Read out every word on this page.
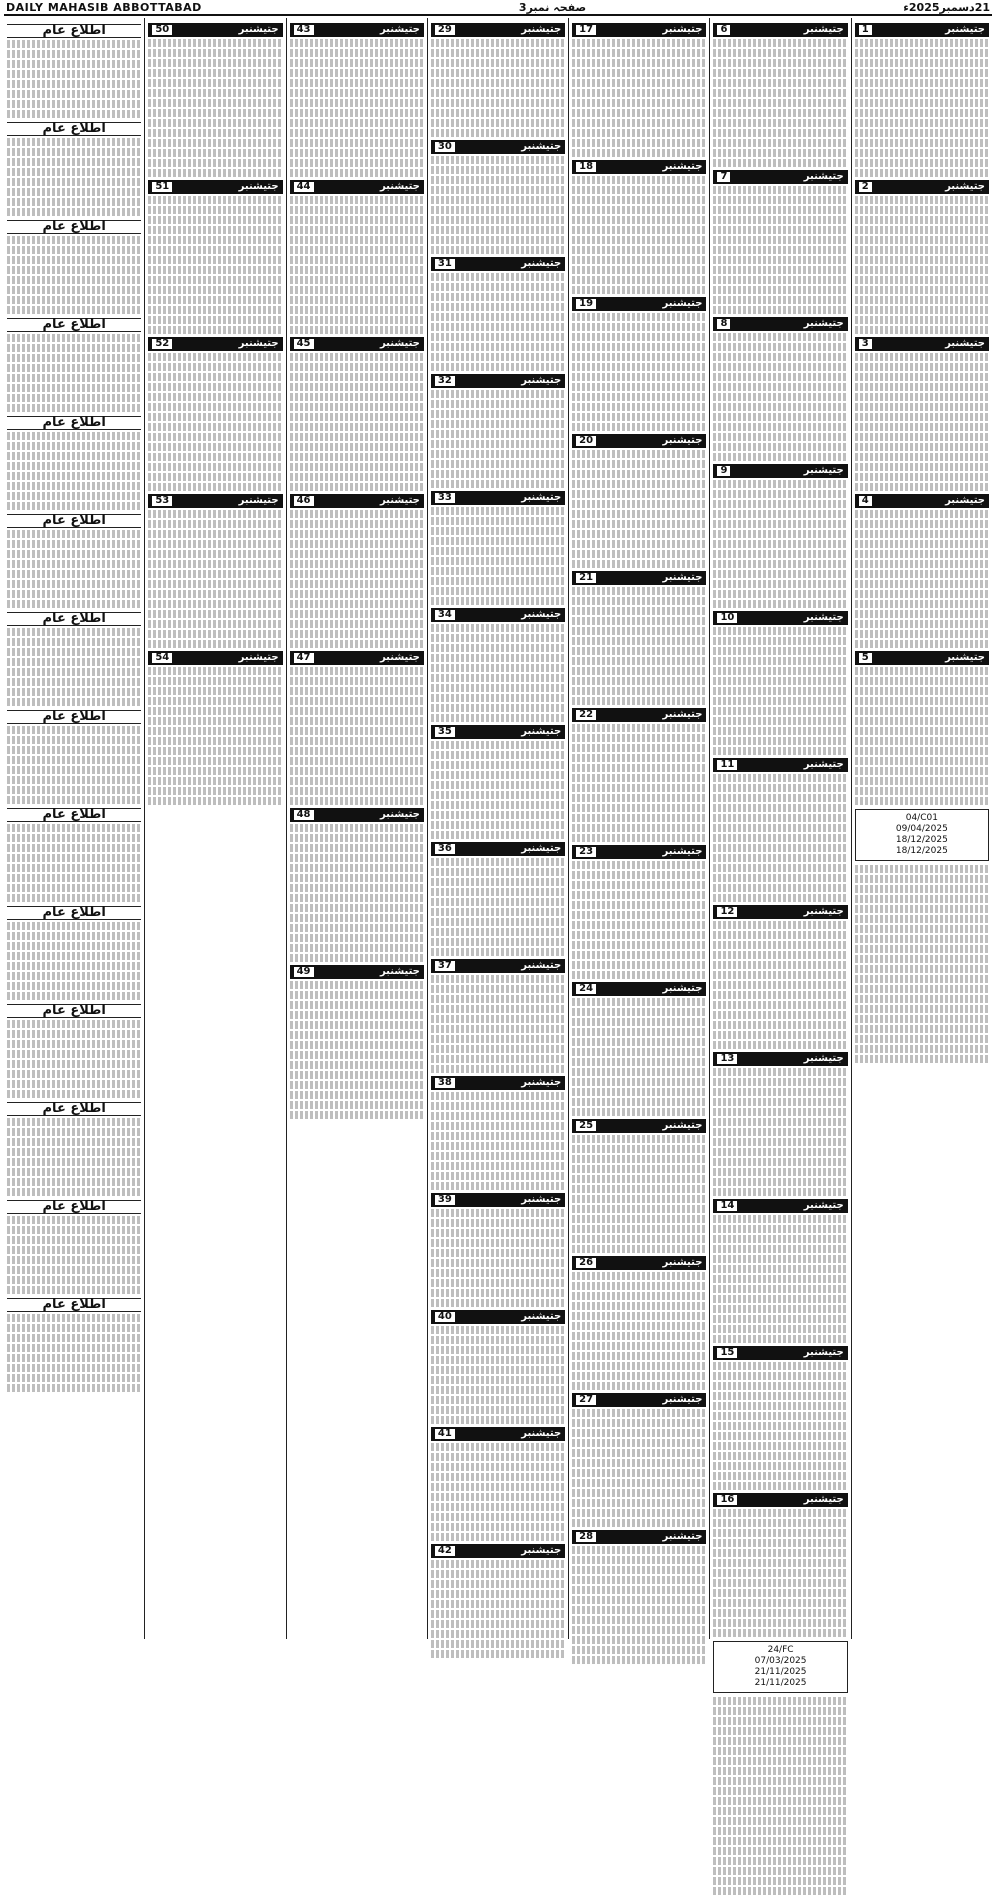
DAILY MAHASIB ABBOTTABAD	صفحہ نمبر3	21دسمبر2025ء
جتیشنبر
1
جتیشنبر
2
جتیشنبر
3
جتیشنبر
4
جتیشنبر
5
04/C01
09/04/2025
18/12/2025
18/12/2025
جتیشنبر
6
جتیشنبر
7
جتیشنبر
8
جتیشنبر
9
جتیشنبر
10
جتیشنبر
11
جتیشنبر
12
جتیشنبر
13
جتیشنبر
14
جتیشنبر
15
جتیشنبر
16
24/FC
07/03/2025
21/11/2025
21/11/2025
جتیشنبر
17
جتیشنبر
18
جتیشنبر
19
جتیشنبر
20
جتیشنبر
21
جتیشنبر
22
جتیشنبر
23
جتیشنبر
24
جتیشنبر
25
جتیشنبر
26
جتیشنبر
27
جتیشنبر
28
جتیشنبر
29
جتیشنبر
30
جتیشنبر
31
جتیشنبر
32
جتیشنبر
33
جتیشنبر
34
جتیشنبر
35
جتیشنبر
36
جتیشنبر
37
جتیشنبر
38
جتیشنبر
39
جتیشنبر
40
جتیشنبر
41
جتیشنبر
42
جتیشنبر
43
جتیشنبر
44
جتیشنبر
45
جتیشنبر
46
جتیشنبر
47
جتیشنبر
48
جتیشنبر
49
جتیشنبر
50
جتیشنبر
51
جتیشنبر
52
جتیشنبر
53
جتیشنبر
54
اطلاع عام
اطلاع عام
اطلاع عام
اطلاع عام
اطلاع عام
اطلاع عام
اطلاع عام
اطلاع عام
اطلاع عام
اطلاع عام
اطلاع عام
اطلاع عام
اطلاع عام
اطلاع عام
